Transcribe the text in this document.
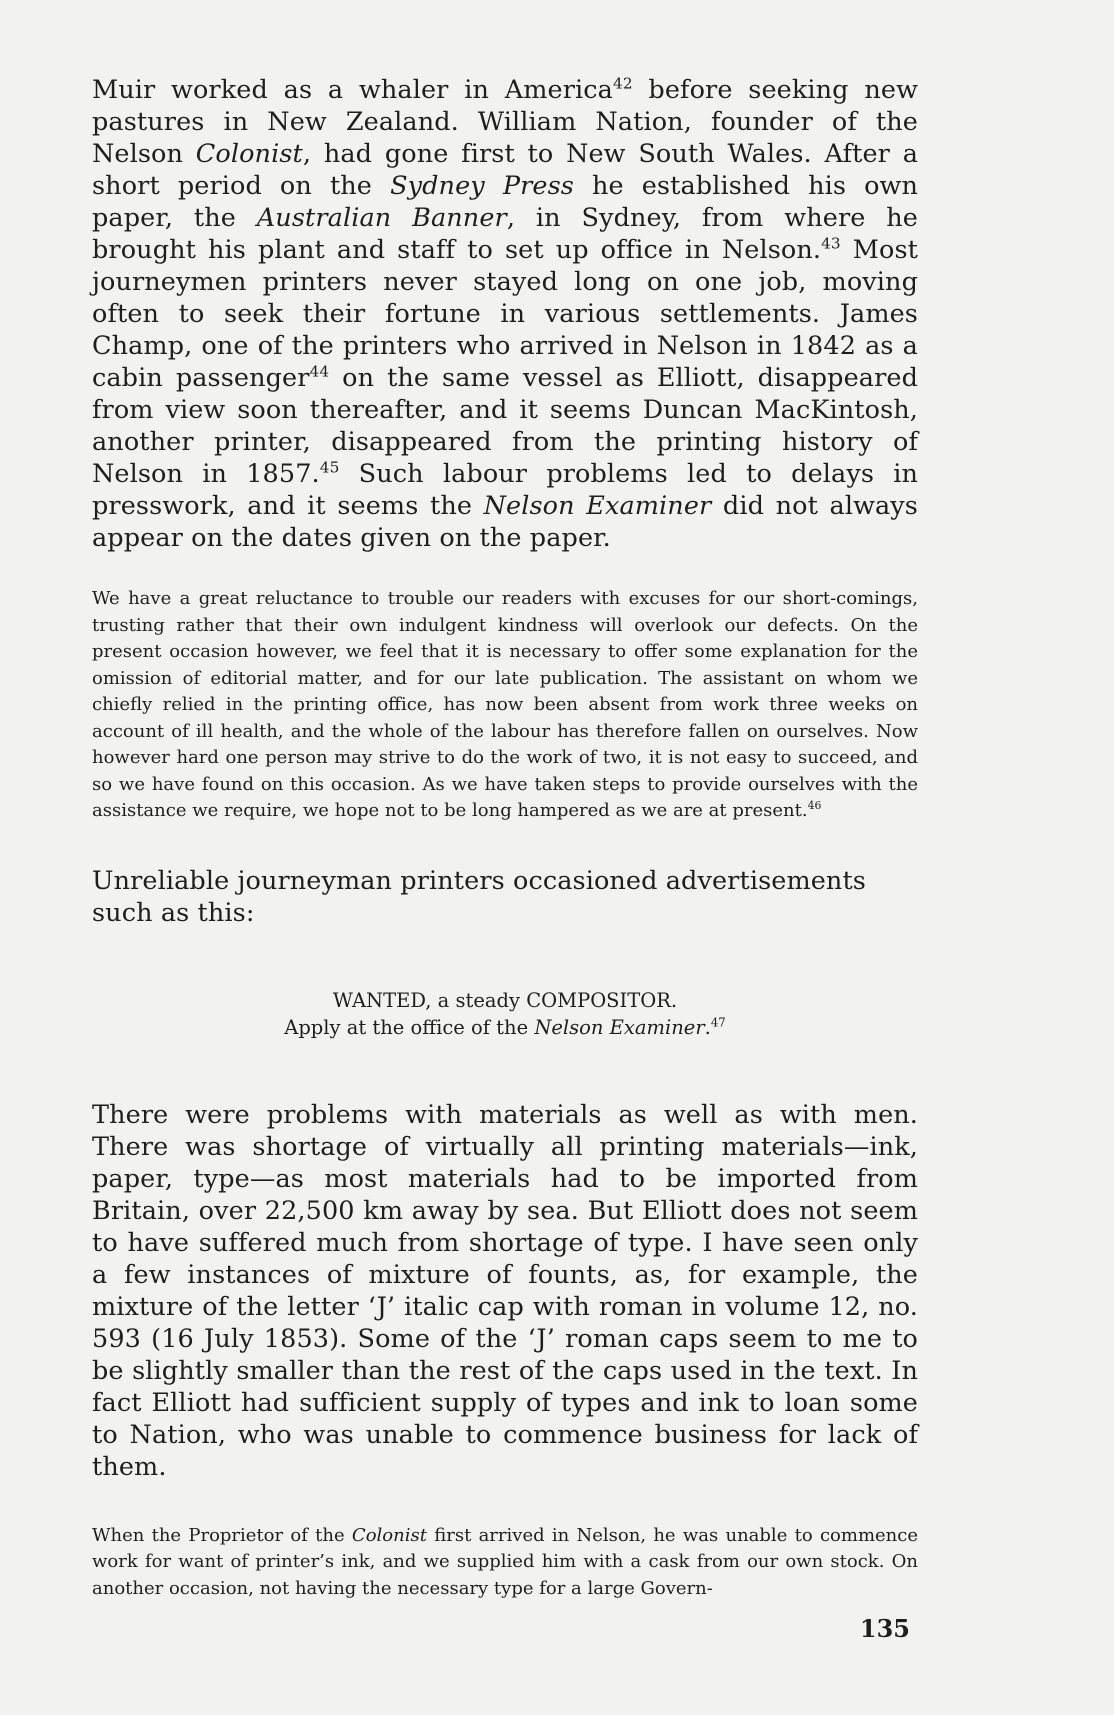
Muir worked as a whaler in America$^{42}$ before seeking new pastures in New Zealand. William Nation, founder of the Nelson Colonist, had gone first to New South Wales. After a short period on the Sydney Press he established his own paper, the Australian Banner, in Sydney, from where he brought his plant and staff to set up office in Nelson.$^{43}$ Most journeymen printers never stayed long on one job, moving often to seek their fortune in various settlements. James Champ, one of the printers who arrived in Nelson in 1842 as a cabin passenger$^{44}$ on the same vessel as Elliott, disappeared from view soon thereafter, and it seems Duncan MacKintosh, another printer, disappeared from the printing history of Nelson in 1857.45 Such labour problems led to delays in presswork, and it seems the Nelson Examiner did not always appear on the dates given on the paper.

We have a great reluctance to trouble our readers with excuses for our short-comings, trusting rather that their own indulgent kindness will overlook our defects. On the present occasion however, we feel that it is necessary to offer some explanation for the omission of editorial matter, and for our late publication. The assistant on whom we chiefly relied in the printing office, has now been absent from work three weeks on account of ill health, and the whole of the labour has therefore fallen on ourselves. Now however hard one person may strive to do the work of two, it is not easy to succeed, and so we have found on this occasion. As we have taken steps to provide ourselves with the assistance we require, we hope not to be long hampered as we are at present.$^{46}$

Unreliable journeyman printers occasioned advertisements such as this:

WANTED, a steady COMPOSITOR.
Apply at the office of the Nelson Examiner.$^{47}$

There were problems with materials as well as with men. There was shortage of virtually all printing materials—ink, paper, type—as most materials had to be imported from Britain, over 22,500 km away by sea. But Elliott does not seem to have suffered much from shortage of type. I have seen only a few instances of mixture of founts, as, for example, the mixture of the letter ‘J’ italic cap with roman in volume 12, no. 593 (16 July 1853). Some of the ‘J’ roman caps seem to me to be slightly smaller than the rest of the caps used in the text. In fact Elliott had sufficient supply of types and ink to loan some to Nation, who was unable to commence business for lack of them.

When the Proprietor of the Colonist first arrived in Nelson, he was unable to commence work for want of printer’s ink, and we supplied him with a cask from our own stock. On another occasion, not having the necessary type for a large Govern-

135
